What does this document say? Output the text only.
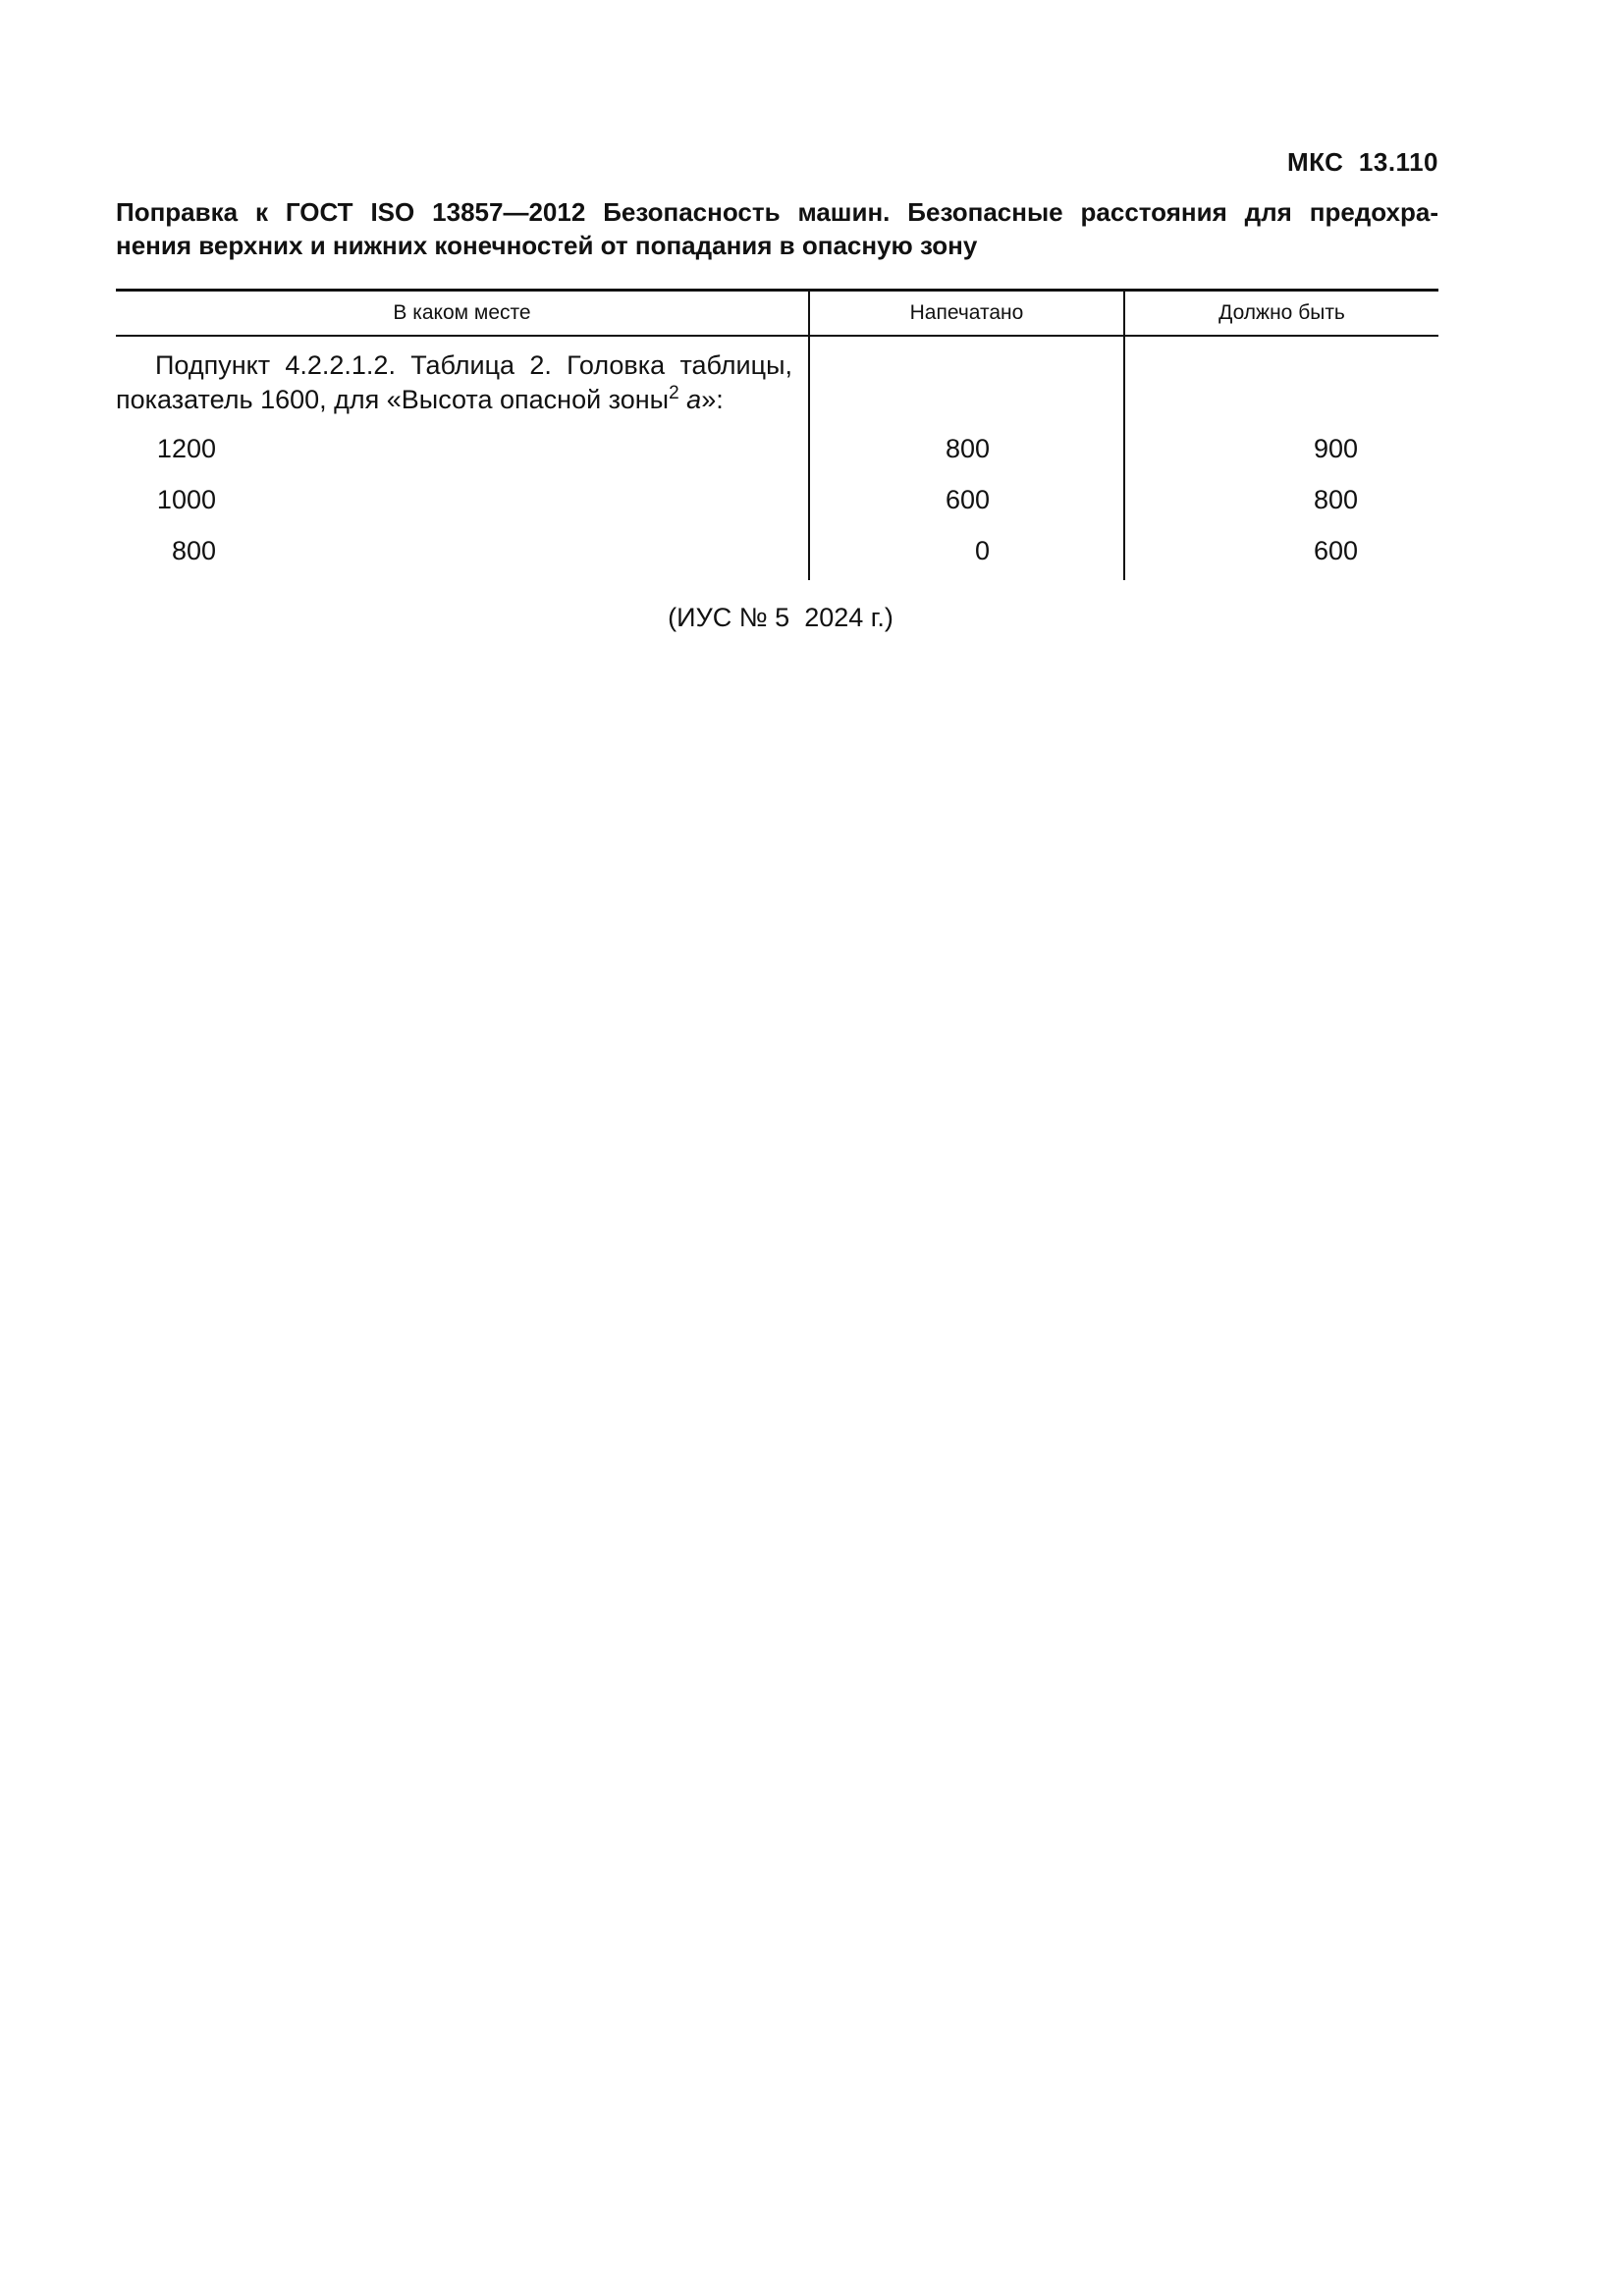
МКС  13.110
Поправка к ГОСТ ISO 13857—2012 Безопасность машин. Безопасные расстояния для предохра-
нения верхних и нижних конечностей от попадания в опасную зону
В каком месте	Напечатано	Должно быть

Подпункт 4.2.2.1.2. Таблица 2. Головка таблицы,
показатель 1600, для «Высота опасной зоны$^2$ a»:		

1200	800	900

1000	600	800

800	0	600
(ИУС № 5  2024 г.)
